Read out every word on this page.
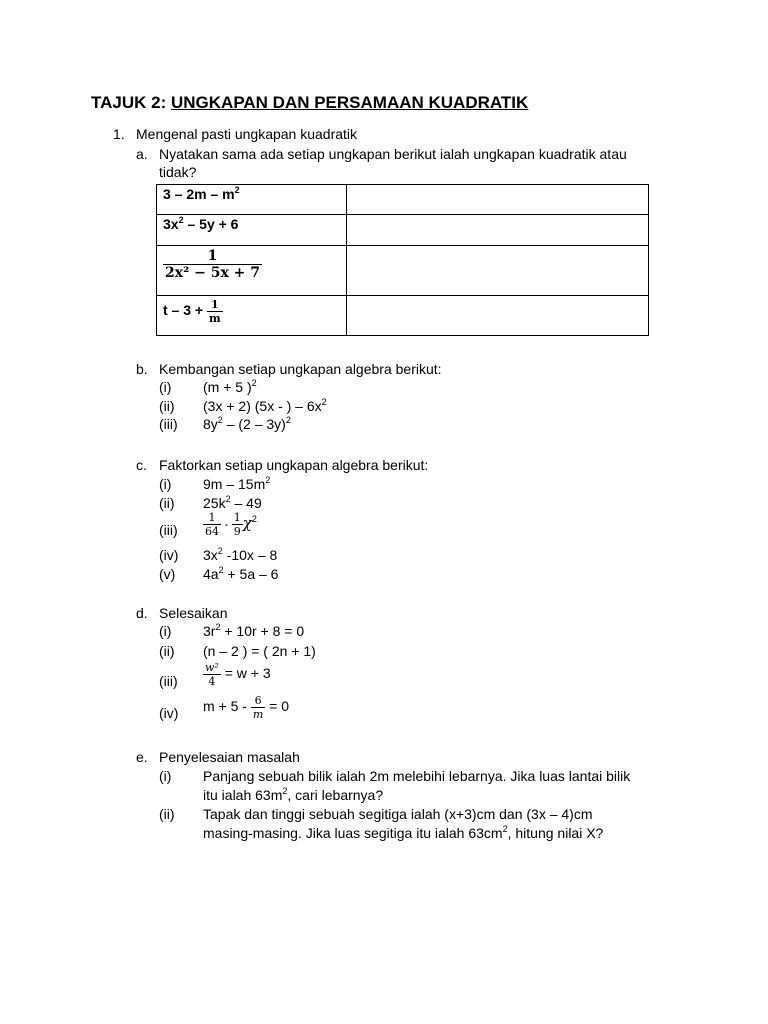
TAJUK 2: UNGKAPAN DAN PERSAMAAN KUADRATIK
1. Mengenal pasti ungkapan kuadratik
a. Nyatakan sama ada setiap ungkapan berikut ialah ungkapan kuadratik atau
tidak?
$3 - 2m - m^2$	
$3x^2 - 5y + 6$	

$\frac{1}{\text{2x² − 5x + 7}}$

$t - 3 + \frac{1}{m}$

b. Kembangan setiap ungkapan algebra berikut:
(i) (m + 5 )$^2$
(ii) (3x + 2) (5x - ) – $6x^2$
(iii) $8y^2 - (2 - 3y)^2$
c. Faktorkan setiap ungkapan algebra berikut:
(i) $9m - 15m^2$
(ii) $25k^2 - 49$
$(iii) \frac{1}{64} - \frac{1}{9} \chi^2$
(iv) $3x^2$ -10x – 8
(v) $4a^2 + 5a - 6$
d. Selesaikan
(i) $3r^2 + 10r + 8 = 0$
(ii) (n – 2 ) = ( 2n + 1)
$(iii) \frac{\text{w²}}{4} = w + 3$
(iv) $m + 5 - \frac{6}{m} = 0$
e. Penyelesaian masalah
(i) Panjang sebuah bilik ialah 2m melebihi lebarnya. Jika luas lantai bilik
itu ialah $63m^2$, cari lebarnya?
(ii) Tapak dan tinggi sebuah segitiga ialah (x+3)cm dan (3x – 4)cm
masing-masing. Jika luas segitiga itu ialah $63cm^2$, hitung nilai X?
